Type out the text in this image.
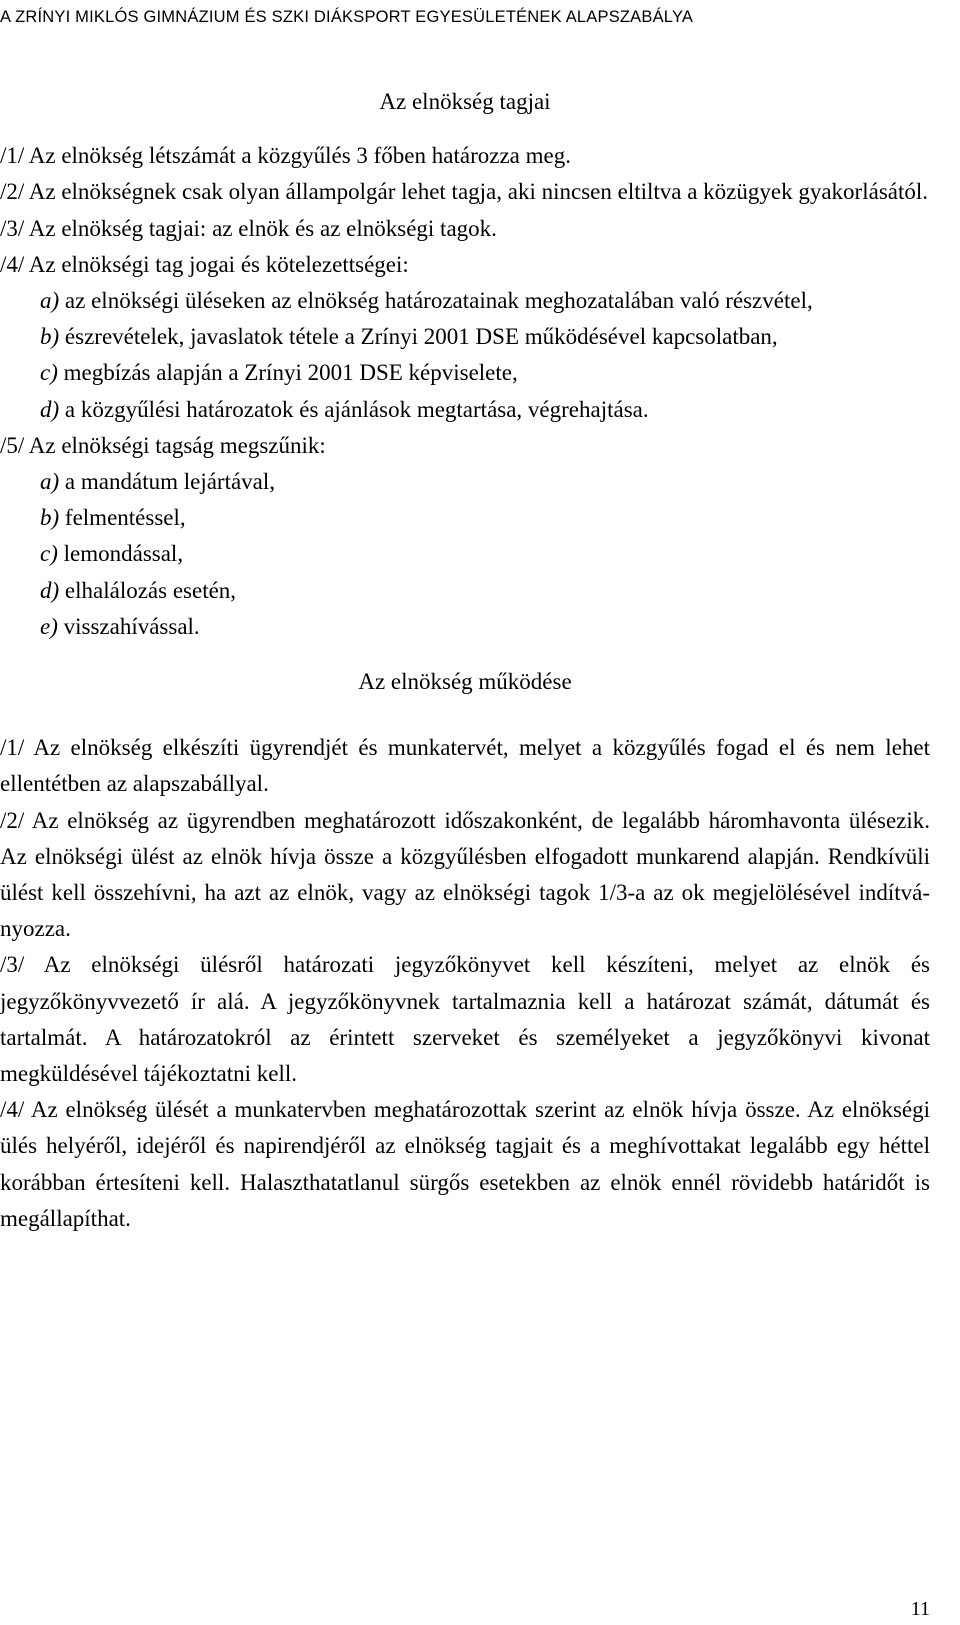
A ZRÍNYI MIKLÓS GIMNÁZIUM ÉS SZKI DIÁKSPORT EGYESÜLETÉNEK ALAPSZABÁLYA

Az elnökség tagjai

/1/ Az elnökség létszámát a közgyűlés 3 főben határozza meg.

/2/ Az elnökségnek csak olyan állampolgár lehet tagja, aki nincsen eltiltva a közügyek gyakorlásától.

/3/ Az elnökség tagjai: az elnök és az elnökségi tagok.

/4/ Az elnökségi tag jogai és kötelezettségei:

a) az elnökségi üléseken az elnökség határozatainak meghozatalában való részvétel,

b) észrevételek, javaslatok tétele a Zrínyi 2001 DSE működésével kapcsolatban,

c) megbízás alapján a Zrínyi 2001 DSE képviselete,

d) a közgyűlési határozatok és ajánlások megtartása, végrehajtása.

/5/ Az elnökségi tagság megszűnik:

a) a mandátum lejártával,

b) felmentéssel,

c) lemondással,

d) elhalálozás esetén,

e) visszahívással.

Az elnökség működése

/1/ Az elnökség elkészíti ügyrendjét és munkatervét, melyet a közgyűlés fogad el és nem lehet ellentétben az alapszabállyal.

/2/ Az elnökség az ügyrendben meghatározott időszakonként, de legalább háromhavonta ülésezik. Az elnökségi ülést az elnök hívja össze a közgyűlésben elfogadott munkarend alapján. Rendkívüli ülést kell összehívni, ha azt az elnök, vagy az elnökségi tagok 1/3-a az ok megjelölésével indítványozza.

/3/ Az elnökségi ülésről határozati jegyzőkönyvet kell készíteni, melyet az elnök és jegyzőkönyvvezető ír alá. A jegyzőkönyvnek tartalmaznia kell a határozat számát, dátumát és tartalmát. A határozatokról az érintett szerveket és személyeket a jegyzőkönyvi kivonat megküldésével tájékoztatni kell.

/4/ Az elnökség ülését a munkatervben meghatározottak szerint az elnök hívja össze. Az elnökségi ülés helyéről, idejéről és napirendjéről az elnökség tagjait és a meghívottakat legalább egy héttel korábban értesíteni kell. Halaszthatatlanul sürgős esetekben az elnök ennél rövidebb határidőt is megállapíthat.

11
